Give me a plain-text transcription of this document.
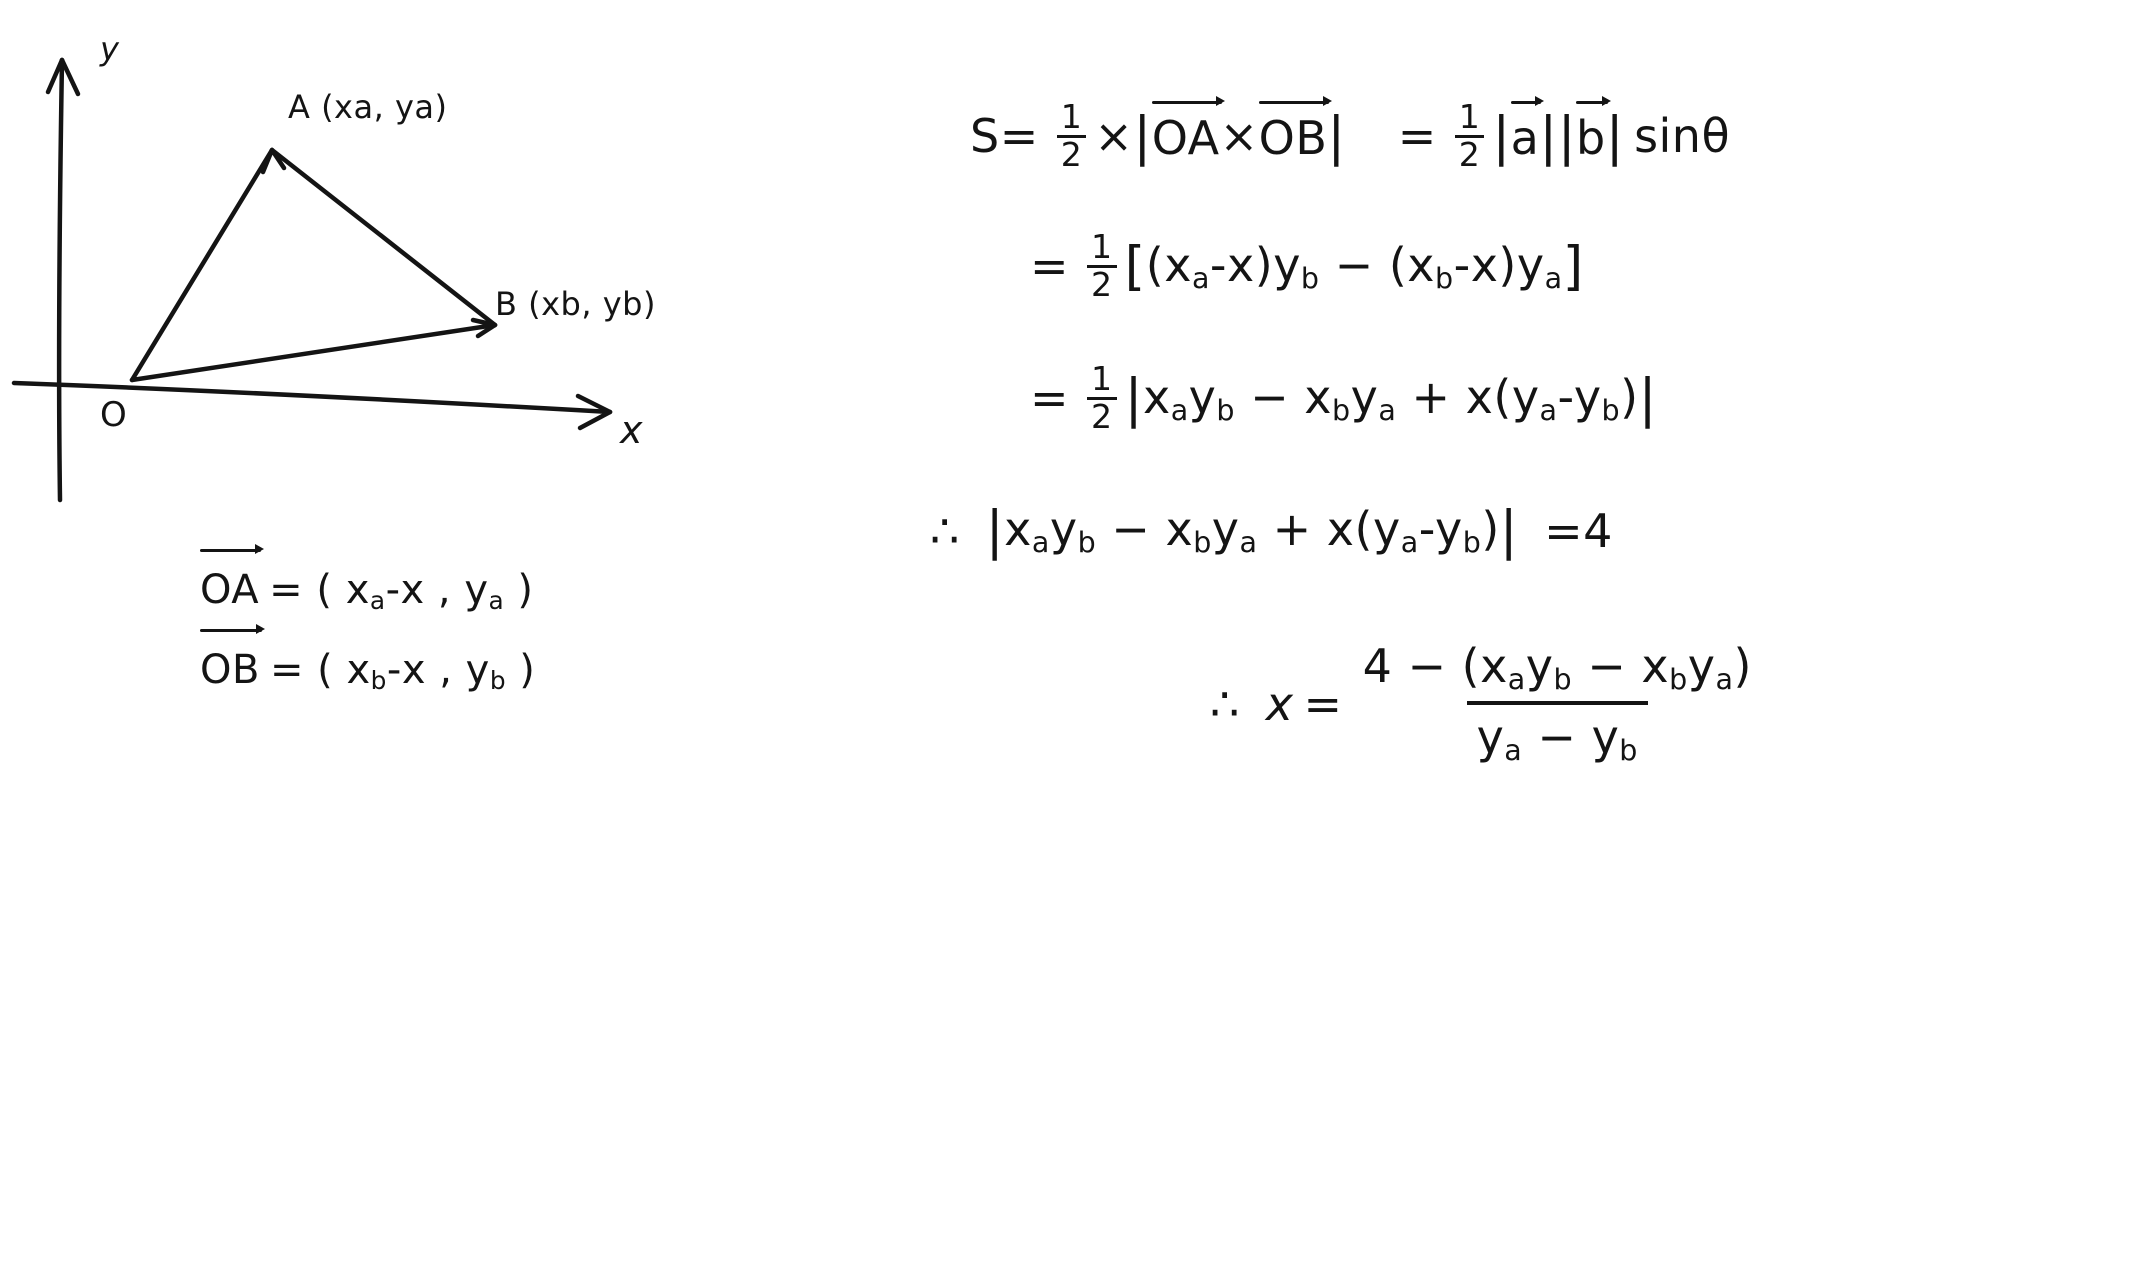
y
x
O
A (xa, ya)
B (xb, yb)
OA = ( $x_a-x$ , $y_a$ )
OB = ( $x_b-x$ , $y_b$ )
$S= \frac{1}{2}$ × | OA × OB | = $\frac{1}{2}$ | a | | b | sinθ
= $\frac{1}{2}$ [ $(x_a-x)y_b - (x_b-x)y_a$ ]
= $\frac{1}{2}$ | $x_ay_b - x_by_a + x(y_a-y_b)$ |
∴ | $x_ay_b - x_by_a + x(y_a-y_b)$ | = 4
∴ $x = \frac{4 - (x_ay_b - x_by_a)}{y_a - y_b}$
